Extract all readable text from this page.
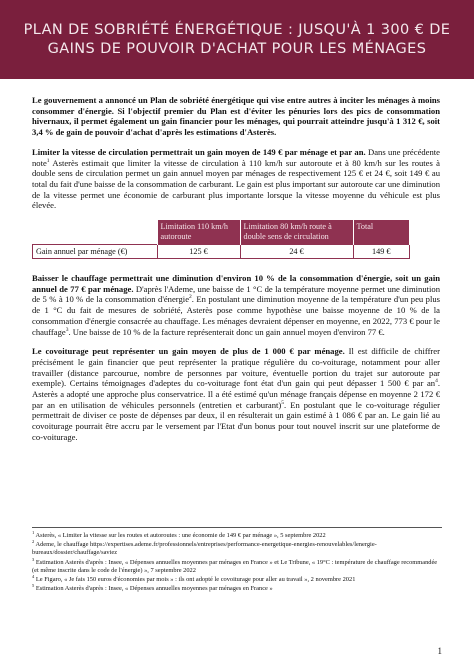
PLAN DE SOBRIÉTÉ ÉNERGÉTIQUE : JUSQU'À 1 300 € DE
GAINS DE POUVOIR D'ACHAT POUR LES MÉNAGES

Le gouvernement a annoncé un Plan de sobriété énergétique qui vise entre autres à inciter les ménages à moins consommer d'énergie. Si l'objectif premier du Plan est d'éviter les pénuries lors des pics de consommation hivernaux, il permet également un gain financier pour les ménages, qui pourrait atteindre jusqu'à 1 312 €, soit 3,4 % de gain de pouvoir d'achat d'après les estimations d'Asterès.

Limiter la vitesse de circulation permettrait un gain moyen de 149 € par ménage et par an. Dans une précédente note$^1$ Asterès estimait que limiter la vitesse de circulation à 110 km/h sur autoroute et à 80 km/h sur les routes à double sens de circulation permet un gain annuel moyen par ménages de respectivement 125 € et 24 €, soit 149 € au total du fait d'une baisse de la consommation de carburant. Le gain est plus important sur autoroute car une diminution de la vitesse permet une économie de carburant plus importante lorsque la vitesse moyenne du véhicule est plus élevée.

	Limitation 110 km/h autoroute	Limitation 80 km/h route à double sens de circulation	Total
Gain annuel par ménage (€)	125 €	24 €	149 €

Baisser le chauffage permettrait une diminution d'environ 10 % de la consommation d'énergie, soit un gain annuel de 77 € par ménage. D'après l'Ademe, une baisse de 1 °C de la température moyenne permet une diminution de 5 % à 10 % de la consommation d'énergie$^2$. En postulant une diminution moyenne de la température d'un peu plus de 1 °C du fait de mesures de sobriété, Asterès pose comme hypothèse une baisse moyenne de 10 % de la consommation d'énergie consacrée au chauffage. Les ménages devraient dépenser en moyenne, en 2022, 773 € pour le chauffage$^3$. Une baisse de 10 % de la facture représenterait donc un gain annuel moyen d'environ 77 €.

Le covoiturage peut représenter un gain moyen de plus de 1 000 € par ménage. Il est difficile de chiffrer précisément le gain financier que peut représenter la pratique régulière du co-voiturage, notamment pour aller travailler (distance parcourue, nombre de personnes par voiture, éventuelle portion du trajet sur autoroute par exemple). Certains témoignages d'adeptes du co-voiturage font état d'un gain qui peut dépasser 1 500 € par $an^4$. Asterès a adopté une approche plus conservatrice. Il a été estimé qu'un ménage français dépense en moyenne 2 172 € par an en utilisation de véhicules personnels (entretien et carburant)$^5$. En postulant que le co-voiturage régulier permettrait de diviser ce poste de dépenses par deux, il en résulterait un gain estimé à 1 086 € par an. Le gain lié au covoiturage pourrait être accru par le versement par l'Etat d'un bonus pour tout nouvel inscrit sur une plateforme de co-voiturage.

$^1$ Asterès, « Limiter la vitesse sur les routes et autoroutes : une économie de 149 € par ménage », 5 septembre 2022
$^2$ Ademe, le chauffage https://expertises.ademe.fr/professionnels/entreprises/performance-energetique-energies-renouvelables/lenergie-bureaux/dossier/chauffage/saviez
$^3$ Estimation Asterès d'après : Insee, « Dépenses annuelles moyennes par ménages en France » et Le Tribune, « 19°C : température de chauffage recommandée (et même inscrite dans le code de l'énergie) », 7 septembre 2022
$^4$ Le Figaro, « Je fais 150 euros d'économies par mois » : ils ont adopté le covoiturage pour aller au travail », 2 novembre 2021
$^5$ Estimation Asterès d'après : Insee, « Dépenses annuelles moyennes par ménages en France »
1
